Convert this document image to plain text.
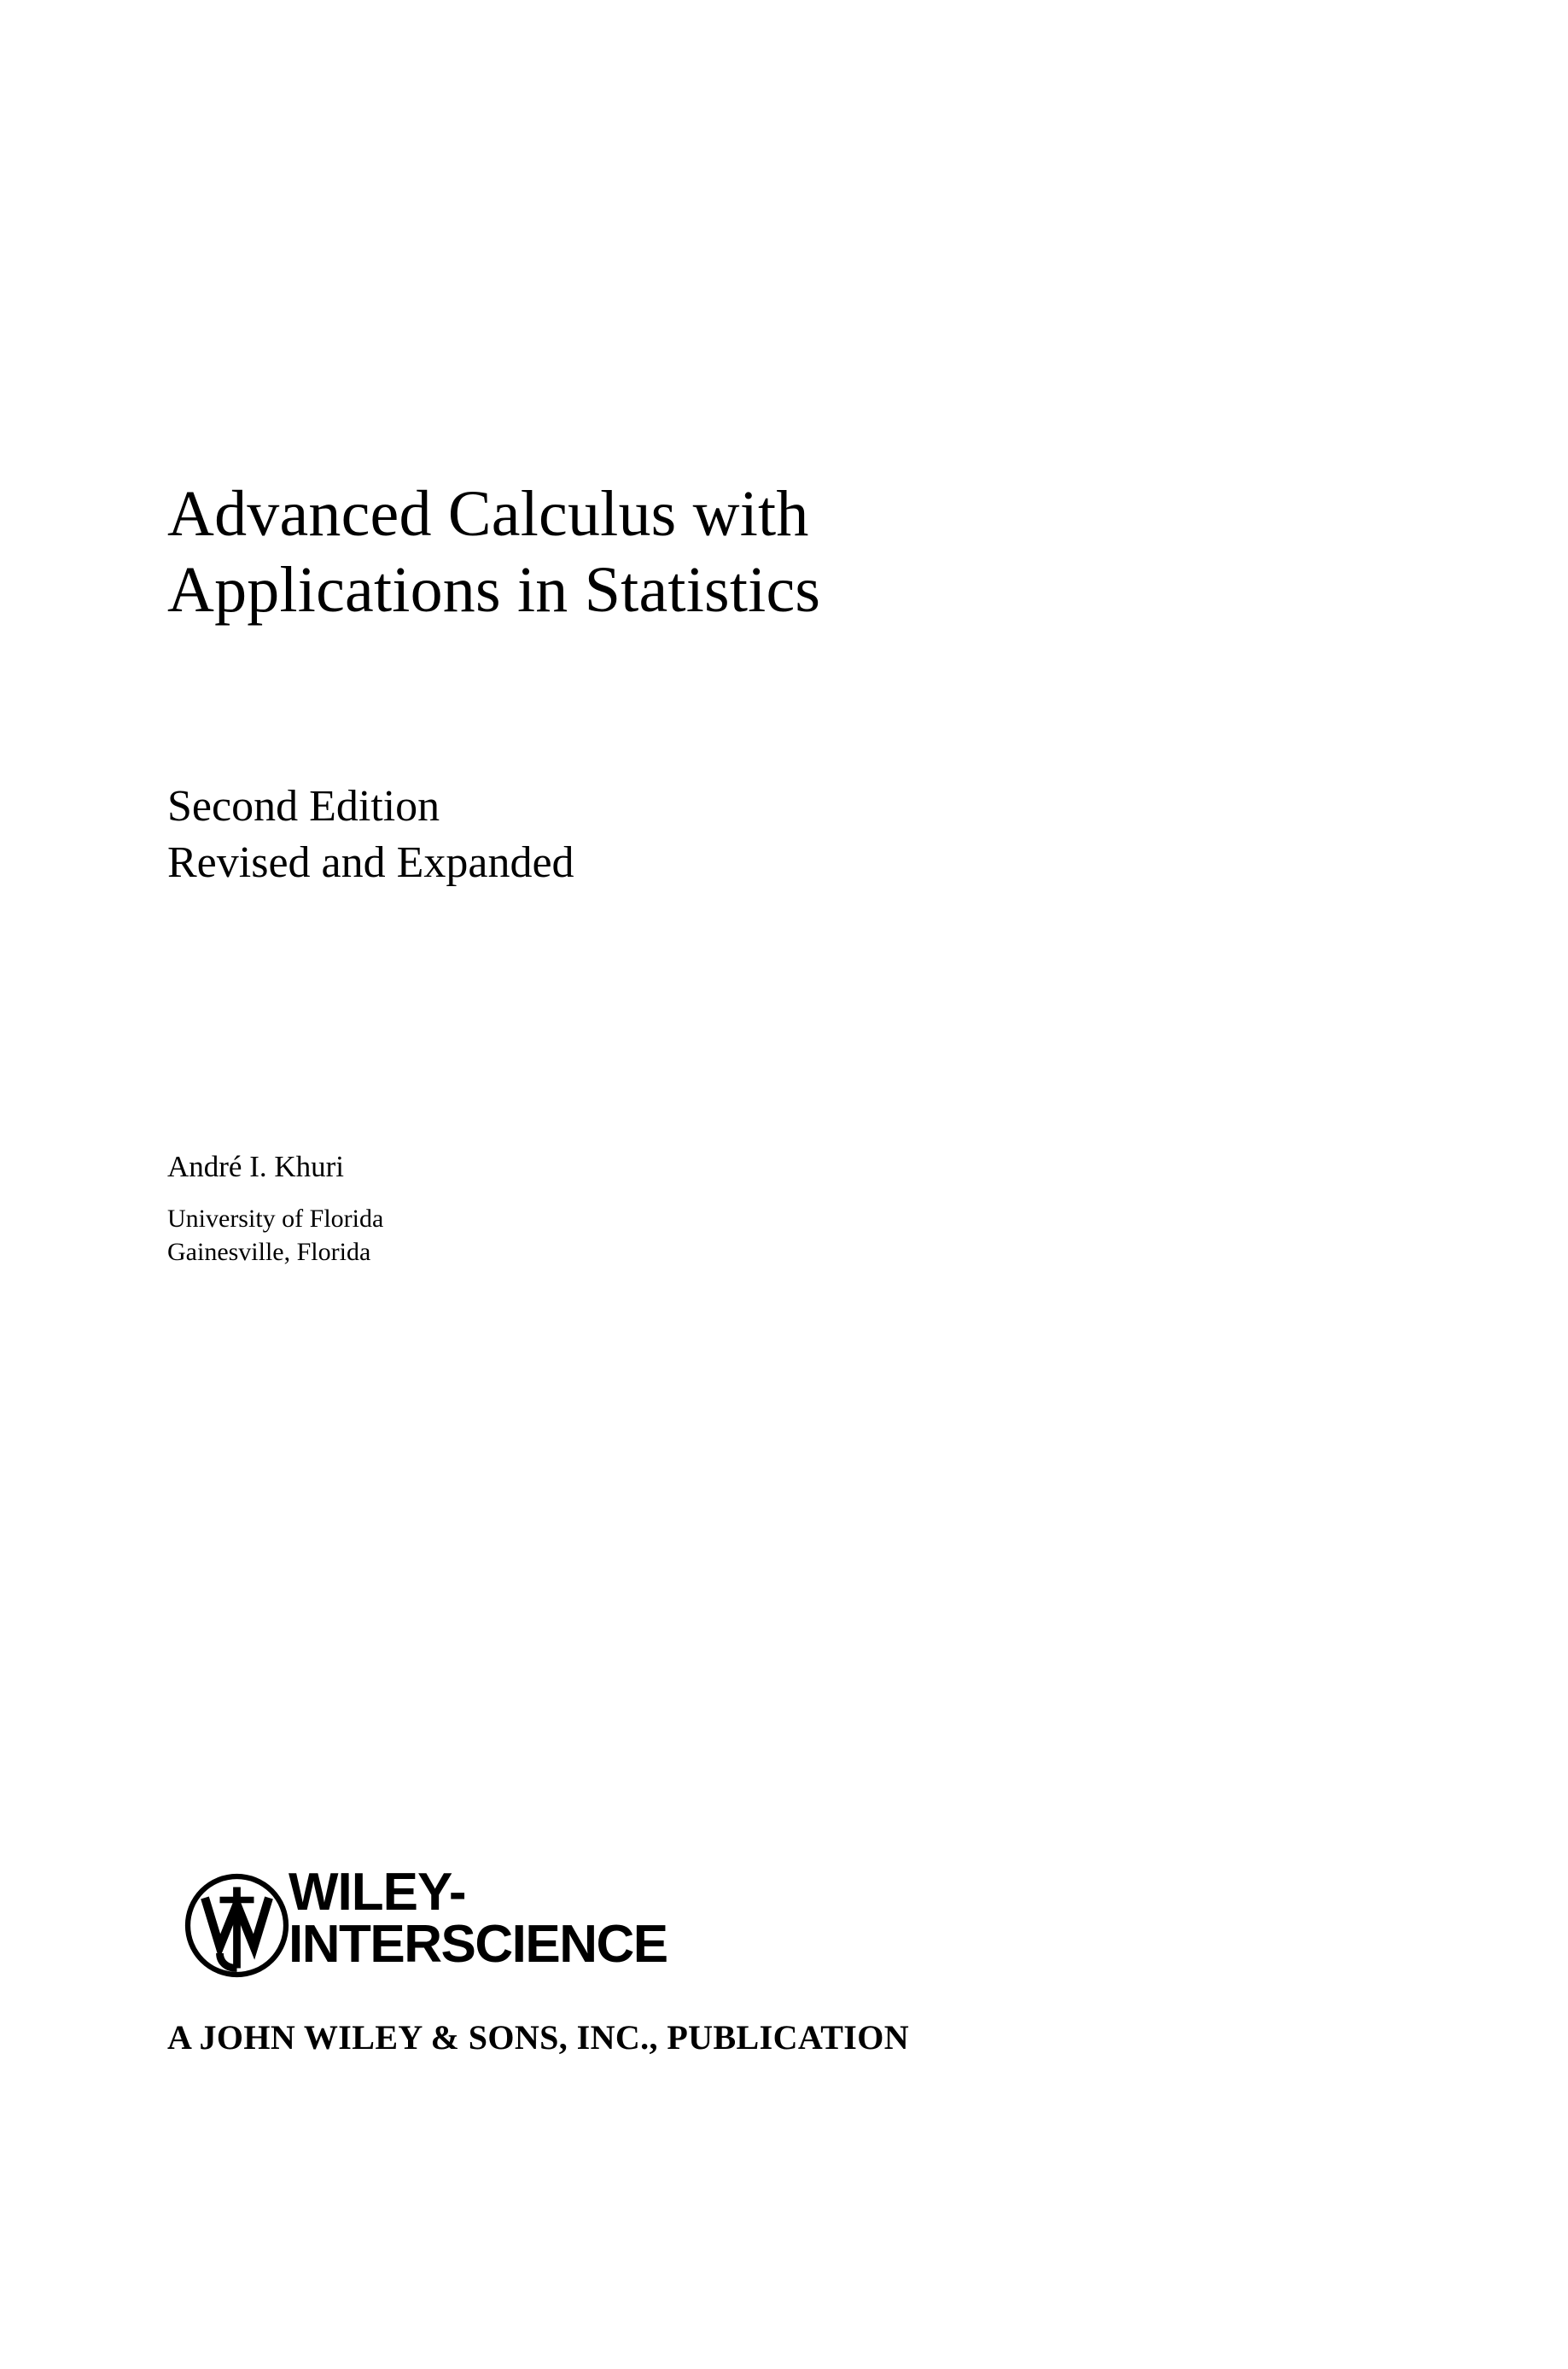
Advanced Calculus with
Applications in Statistics
Second Edition
Revised and Expanded
André I. Khuri
University of Florida
Gainesville, Florida
WILEY-
INTERSCIENCE
A JOHN WILEY & SONS, INC., PUBLICATION
